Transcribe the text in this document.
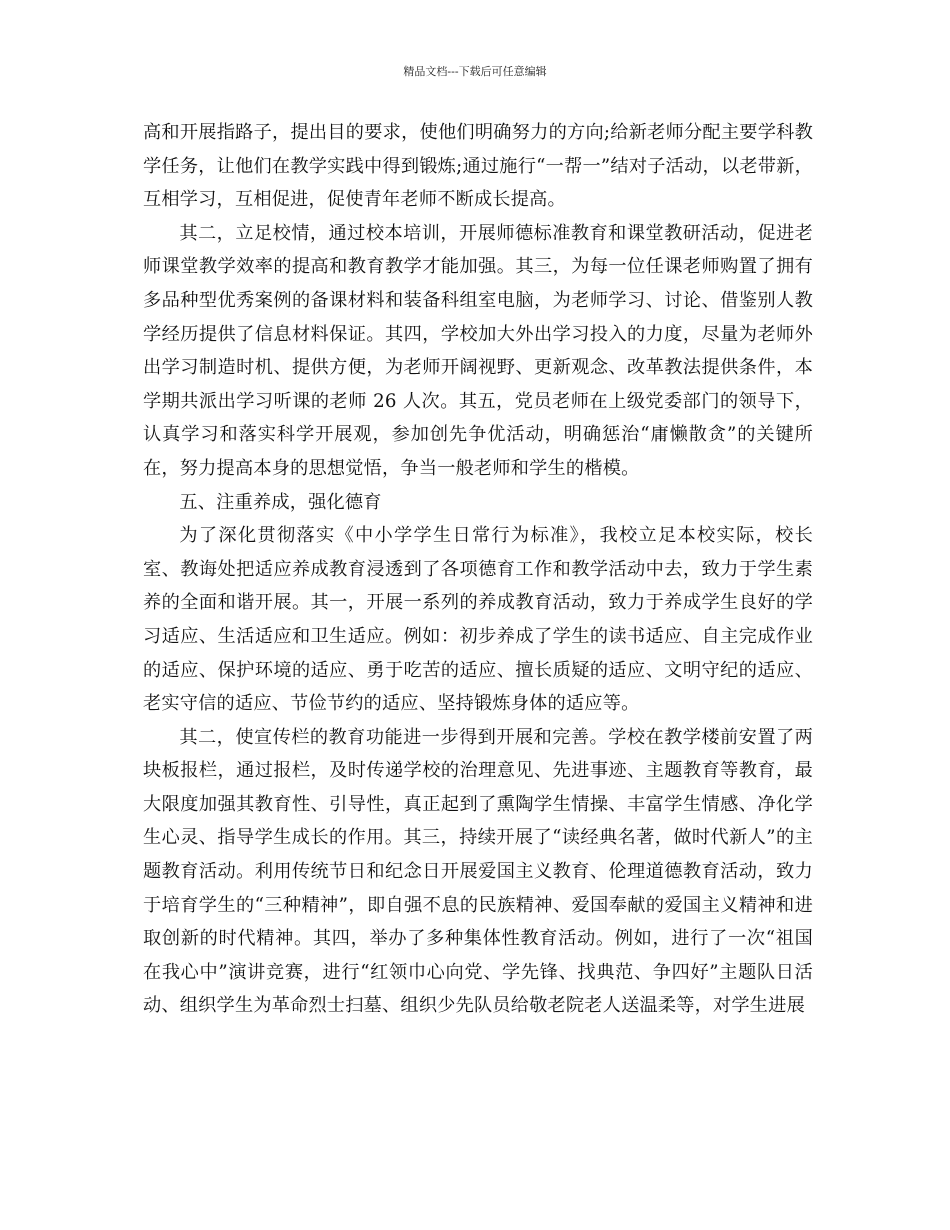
精品文档---下载后可任意编辑

高和开展指路子，提出目的要求，使他们明确努力的方向;给新老师分配主要学科教学任务，让他们在教学实践中得到锻炼;通过施行“一帮一”结对子活动，以老带新，互相学习，互相促进，促使青年老师不断成长提高。

其二，立足校情，通过校本培训，开展师德标准教育和课堂教研活动，促进老师课堂教学效率的提高和教育教学才能加强。其三，为每一位任课老师购置了拥有多品种型优秀案例的备课材料和装备科组室电脑，为老师学习、讨论、借鉴别人教学经历提供了信息材料保证。其四，学校加大外出学习投入的力度，尽量为老师外出学习制造时机、提供方便，为老师开阔视野、更新观念、改革教法提供条件，本学期共派出学习听课的老师 26 人次。其五，党员老师在上级党委部门的领导下，认真学习和落实科学开展观，参加创先争优活动，明确惩治“庸懒散贪”的关键所在，努力提高本身的思想觉悟，争当一般老师和学生的楷模。

五、注重养成，强化德育

为了深化贯彻落实《中小学学生日常行为标准》，我校立足本校实际，校长室、教诲处把适应养成教育浸透到了各项德育工作和教学活动中去，致力于学生素养的全面和谐开展。其一，开展一系列的养成教育活动，致力于养成学生良好的学习适应、生活适应和卫生适应。例如：初步养成了学生的读书适应、自主完成作业的适应、保护环境的适应、勇于吃苦的适应、擅长质疑的适应、文明守纪的适应、老实守信的适应、节俭节约的适应、坚持锻炼身体的适应等。

其二，使宣传栏的教育功能进一步得到开展和完善。学校在教学楼前安置了两块板报栏，通过报栏，及时传递学校的治理意见、先进事迹、主题教育等教育，最大限度加强其教育性、引导性，真正起到了熏陶学生情操、丰富学生情感、净化学生心灵、指导学生成长的作用。其三，持续开展了“读经典名著，做时代新人”的主题教育活动。利用传统节日和纪念日开展爱国主义教育、伦理道德教育活动，致力于培育学生的“三种精神”，即自强不息的民族精神、爱国奉献的爱国主义精神和进取创新的时代精神。其四，举办了多种集体性教育活动。例如，进行了一次“祖国在我心中”演讲竞赛，进行“红领巾心向党、学先锋、找典范、争四好”主题队日活动、组织学生为革命烈士扫墓、组织少先队员给敬老院老人送温柔等，对学生进展
